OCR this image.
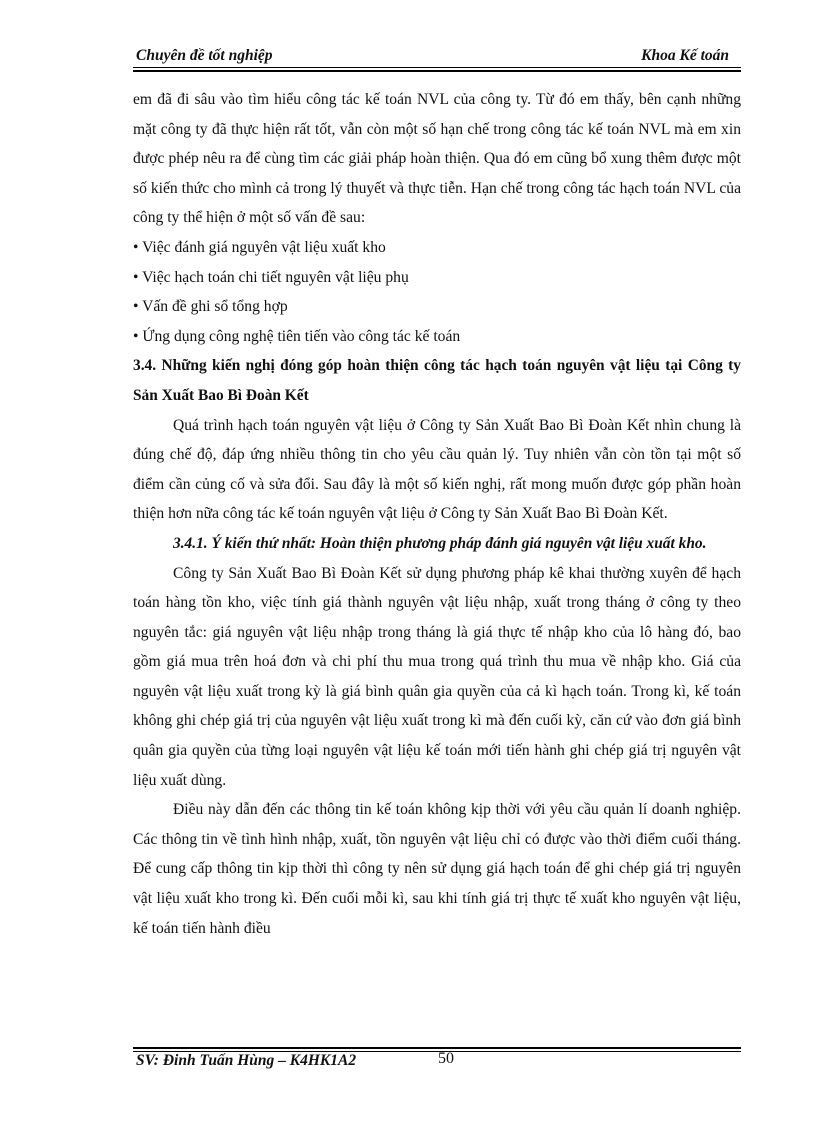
Chuyên đề tốt nghiệp	Khoa Kế toán

em đã đi sâu vào tìm hiểu công tác kế toán NVL của công ty. Từ đó em thấy, bên cạnh những mặt công ty đã thực hiện rất tốt, vẫn còn một số hạn chế trong công tác kế toán NVL mà em xin được phép nêu ra để cùng tìm các giải pháp hoàn thiện. Qua đó em cũng bổ xung thêm được một số kiến thức cho mình cả trong lý thuyết và thực tiễn. Hạn chế trong công tác hạch toán NVL của công ty thể hiện ở một số vấn đề sau:

• Việc đánh giá nguyên vật liệu xuất kho

• Việc hạch toán chi tiết nguyên vật liệu phụ

• Vấn đề ghi sổ tổng hợp

• Ứng dụng công nghệ tiên tiến vào công tác kế toán

3.4. Những kiến nghị đóng góp hoàn thiện công tác hạch toán nguyên vật liệu tại Công ty Sản Xuất Bao Bì Đoàn Kết

Quá trình hạch toán nguyên vật liệu ở Công ty Sản Xuất Bao Bì Đoàn Kết nhìn chung là đúng chế độ, đáp ứng nhiều thông tin cho yêu cầu quản lý. Tuy nhiên vẫn còn tồn tại một số điểm cần củng cố và sửa đổi. Sau đây là một số kiến nghị, rất mong muốn được góp phần hoàn thiện hơn nữa công tác kế toán nguyên vật liệu ở Công ty Sản Xuất Bao Bì Đoàn Kết.

3.4.1. Ý kiến thứ nhất: Hoàn thiện phương pháp đánh giá nguyên vật liệu xuất kho.

Công ty Sản Xuất Bao Bì Đoàn Kết sử dụng phương pháp kê khai thường xuyên để hạch toán hàng tồn kho, việc tính giá thành nguyên vật liệu nhập, xuất trong tháng ở công ty theo nguyên tắc: giá nguyên vật liệu nhập trong tháng là giá thực tế nhập kho của lô hàng đó, bao gồm giá mua trên hoá đơn và chi phí thu mua trong quá trình thu mua về nhập kho. Giá của nguyên vật liệu xuất trong kỳ là giá bình quân gia quyền của cả kì hạch toán. Trong kì, kế toán không ghi chép giá trị của nguyên vật liệu xuất trong kì mà đến cuối kỳ, căn cứ vào đơn giá bình quân gia quyền của từng loại nguyên vật liệu kế toán mới tiến hành ghi chép giá trị nguyên vật liệu xuất dùng.

Điều này dẫn đến các thông tin kế toán không kịp thời với yêu cầu quản lí doanh nghiệp. Các thông tin về tình hình nhập, xuất, tồn nguyên vật liệu chỉ có được vào thời điểm cuối tháng. Để cung cấp thông tin kịp thời thì công ty nên sử dụng giá hạch toán để ghi chép giá trị nguyên vật liệu xuất kho trong kì. Đến cuối mỗi kì, sau khi tính giá trị thực tế xuất kho nguyên vật liệu, kế toán tiến hành điều

SV: Đinh Tuấn Hùng – K4HK1A2	50
